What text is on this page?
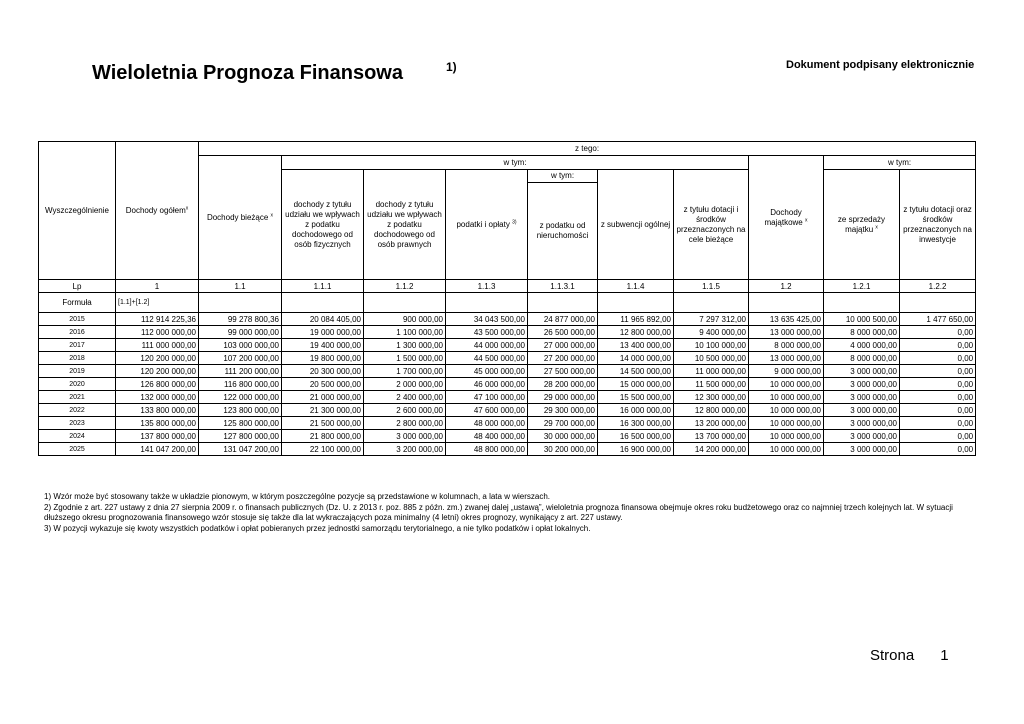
Wieloletnia Prognoza Finansowa	1)	Dokument podpisany elektronicznie
Wyszczególnienie	Dochody ogółem$^x$	z tego:									
		Dochody bieżące $^x$	w tym:						Dochody majątkowe $^x$	w tym:	
			dochody z tytułu udziału we wpływach z podatku dochodowego od osób fizycznych	dochody z tytułu udziału we wpływach z podatku dochodowego od osób prawnych	podatki i opłaty $^{3)}$	w tym:	z subwencji ogólnej	z tytułu dotacji i środków przeznaczonych na cele bieżące		ze sprzedaży majątku $^x$	z tytułu dotacji oraz środków przeznaczonych na inwestycje
						z podatku od nieruchomości					
Lp	1	1.1	1.1.1	1.1.2	1.1.3	1.1.3.1	1.1.4	1.1.5	1.2	1.2.1	1.2.2
Formuła	[1.1]+[1.2]										
2015	112 914 225,36	99 278 800,36	20 084 405,00	900 000,00	34 043 500,00	24 877 000,00	11 965 892,00	7 297 312,00	13 635 425,00	10 000 500,00	1 477 650,00
2016	112 000 000,00	99 000 000,00	19 000 000,00	1 100 000,00	43 500 000,00	26 500 000,00	12 800 000,00	9 400 000,00	13 000 000,00	8 000 000,00	0,00
2017	111 000 000,00	103 000 000,00	19 400 000,00	1 300 000,00	44 000 000,00	27 000 000,00	13 400 000,00	10 100 000,00	8 000 000,00	4 000 000,00	0,00
2018	120 200 000,00	107 200 000,00	19 800 000,00	1 500 000,00	44 500 000,00	27 200 000,00	14 000 000,00	10 500 000,00	13 000 000,00	8 000 000,00	0,00
2019	120 200 000,00	111 200 000,00	20 300 000,00	1 700 000,00	45 000 000,00	27 500 000,00	14 500 000,00	11 000 000,00	9 000 000,00	3 000 000,00	0,00
2020	126 800 000,00	116 800 000,00	20 500 000,00	2 000 000,00	46 000 000,00	28 200 000,00	15 000 000,00	11 500 000,00	10 000 000,00	3 000 000,00	0,00
2021	132 000 000,00	122 000 000,00	21 000 000,00	2 400 000,00	47 100 000,00	29 000 000,00	15 500 000,00	12 300 000,00	10 000 000,00	3 000 000,00	0,00
2022	133 800 000,00	123 800 000,00	21 300 000,00	2 600 000,00	47 600 000,00	29 300 000,00	16 000 000,00	12 800 000,00	10 000 000,00	3 000 000,00	0,00
2023	135 800 000,00	125 800 000,00	21 500 000,00	2 800 000,00	48 000 000,00	29 700 000,00	16 300 000,00	13 200 000,00	10 000 000,00	3 000 000,00	0,00
2024	137 800 000,00	127 800 000,00	21 800 000,00	3 000 000,00	48 400 000,00	30 000 000,00	16 500 000,00	13 700 000,00	10 000 000,00	3 000 000,00	0,00
2025	141 047 200,00	131 047 200,00	22 100 000,00	3 200 000,00	48 800 000,00	30 200 000,00	16 900 000,00	14 200 000,00	10 000 000,00	3 000 000,00	0,00

1) Wzór może być stosowany także w układzie pionowym, w którym poszczególne pozycje są przedstawione w kolumnach, a lata w wierszach.

2) Zgodnie z art. 227 ustawy z dnia 27 sierpnia 2009 r. o finansach publicznych (Dz. U. z 2013 r. poz. 885 z późn. zm.) zwanej dalej „ustawą”, wieloletnia prognoza finansowa obejmuje okres roku budżetowego oraz co najmniej trzech kolejnych lat. W sytuacji dłuższego okresu prognozowania finansowego wzór stosuje się także dla lat wykraczających poza minimalny (4 letni) okres prognozy, wynikający z art. 227 ustawy.

3) W pozycji wykazuje się kwoty wszystkich podatków i opłat pobieranych przez jednostki samorządu terytorialnego, a nie tylko podatków i opłat lokalnych.

Strona 1
